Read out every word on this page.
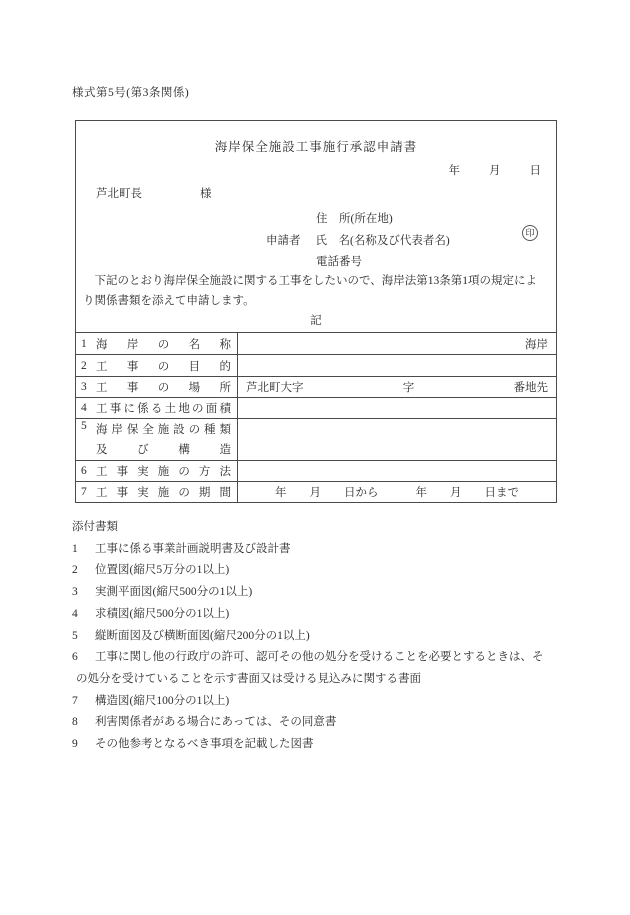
様式第5号(第3条関係)
海岸保全施設工事施行承認申請書
年　　月　　日
芦北町長	様
住　所(所在地)
申請者 氏　名(名称及び代表者名)
電話番号
印
　下記のとおり海岸保全施設に関する工事をしたいので、海岸法第13条第1項の規定によ
り関係書類を添えて申請します。
記
1 海岸の名称	海岸
2 工事の目的
3 工事の場所 芦北町大字	字	番地先
4 工事に係る土地の面積
5 海岸保全施設の種類
及び構造
6 工事実施の方法
7 工事実施の期間	年　　月　　日から	年　　月　　日まで
添付書類
1 工事に係る事業計画説明書及び設計書
2 位置図(縮尺5万分の1以上)
3 実測平面図(縮尺500分の1以上)
4 求積図(縮尺500分の1以上)
5 縦断面図及び横断面図(縮尺200分の1以上)
6 工事に関し他の行政庁の許可、認可その他の処分を受けることを必要とするときは、そ
の処分を受けていることを示す書面又は受ける見込みに関する書面
7 構造図(縮尺100分の1以上)
8 利害関係者がある場合にあっては、その同意書
9 その他参考となるべき事項を記載した図書
